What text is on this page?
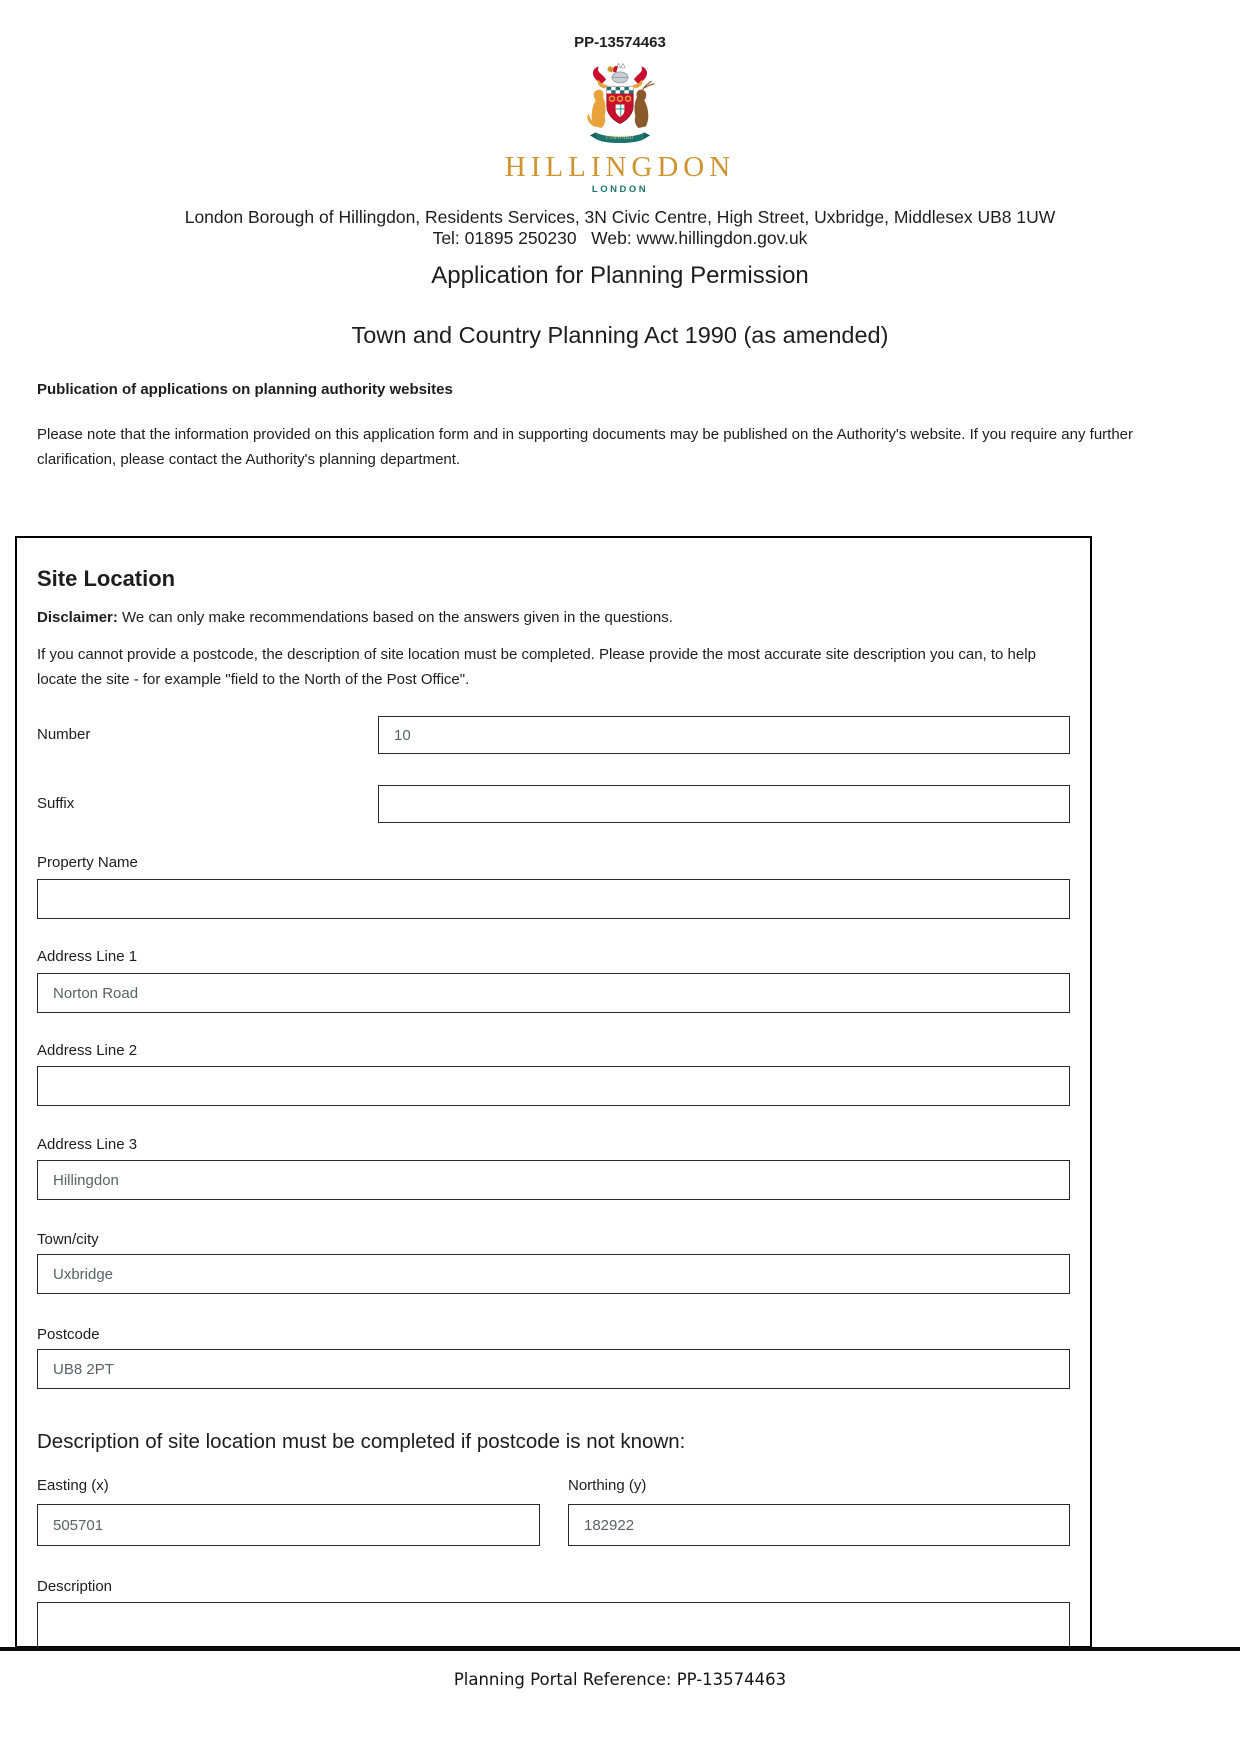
PP-13574463
FORWARD
HILLINGDON
LONDON
London Borough of Hillingdon, Residents Services, 3N Civic Centre, High Street, Uxbridge, Middlesex UB8 1UW
Tel: 01895 250230   Web: www.hillingdon.gov.uk
Application for Planning Permission
Town and Country Planning Act 1990 (as amended)
Publication of applications on planning authority websites
Please note that the information provided on this application form and in supporting documents may be published on the Authority's website. If you require any further clarification, please contact the Authority's planning department.
Site Location
Disclaimer: We can only make recommendations based on the answers given in the questions.
If you cannot provide a postcode, the description of site location must be completed. Please provide the most accurate site description you can, to help locate the site - for example "field to the North of the Post Office".
Number
10
Suffix
Property Name
Address Line 1
Norton Road
Address Line 2
Address Line 3
Hillingdon
Town/city
Uxbridge
Postcode
UB8 2PT
Description of site location must be completed if postcode is not known:
Easting (x)
505701	Northing (y)
182922
Description
Planning Portal Reference: PP-13574463
